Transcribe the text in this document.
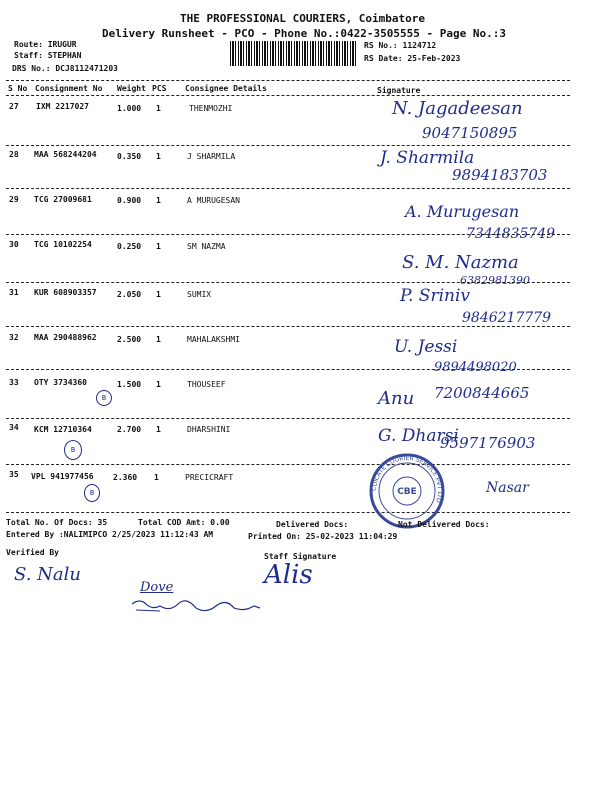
THE PROFESSIONAL COURIERS, Coimbatore
Delivery Runsheet - PCO - Phone No.:0422-3505555 - Page No.:3
Route: IRUGUR
Staff: STEPHAN
DRS No.: DCJ8112471203
RS No.: 1124712
RS Date: 25-Feb-2023
S No Consignment No Weight PCS Consignee Details	Signature
27 IXM 2217027	1.000 1	THENMOZHI	N. Jagadeesan
9047150895
28 MAA 568244204	0.350 1	J SHARMILA	J. Sharmila
9894183703
29 TCG 27009681	0.900 1	A MURUGESAN
A. Murugesan
7344835749
30 TCG 10102254	0.250 1	SM NAZMA
S. M. Nazma
6382981390
31 KUR 608903357	2.050 1	SUMIX	P. Sriniv
9846217779
32 MAA 290488962	2.500 1	MAHALAKSHMI	U. Jessi
9894498020
33 OTY 3734360	1.500 1	THOUSEEF
Anu 7200844665
B
34 KCM 12710364	2.700 1	DHARSHINI	G. Dharsi
9597176903
B
35 VPL 941977456 2.360 1	PRECICRAFT
Nasar
B
CDICATE COURIER SERVICE PVT LTD
CBE
Total No. Of Docs: 35	Total COD Amt: 0.00	Delivered Docs:	Not Delivered Docs:
Entered By :NALIMIPCO 2/25/2023 11:12:43 AM	Printed On: 25-02-2023 11:04:29
Verified By	Staff Signature
S. Nalu
Dove	Alis
